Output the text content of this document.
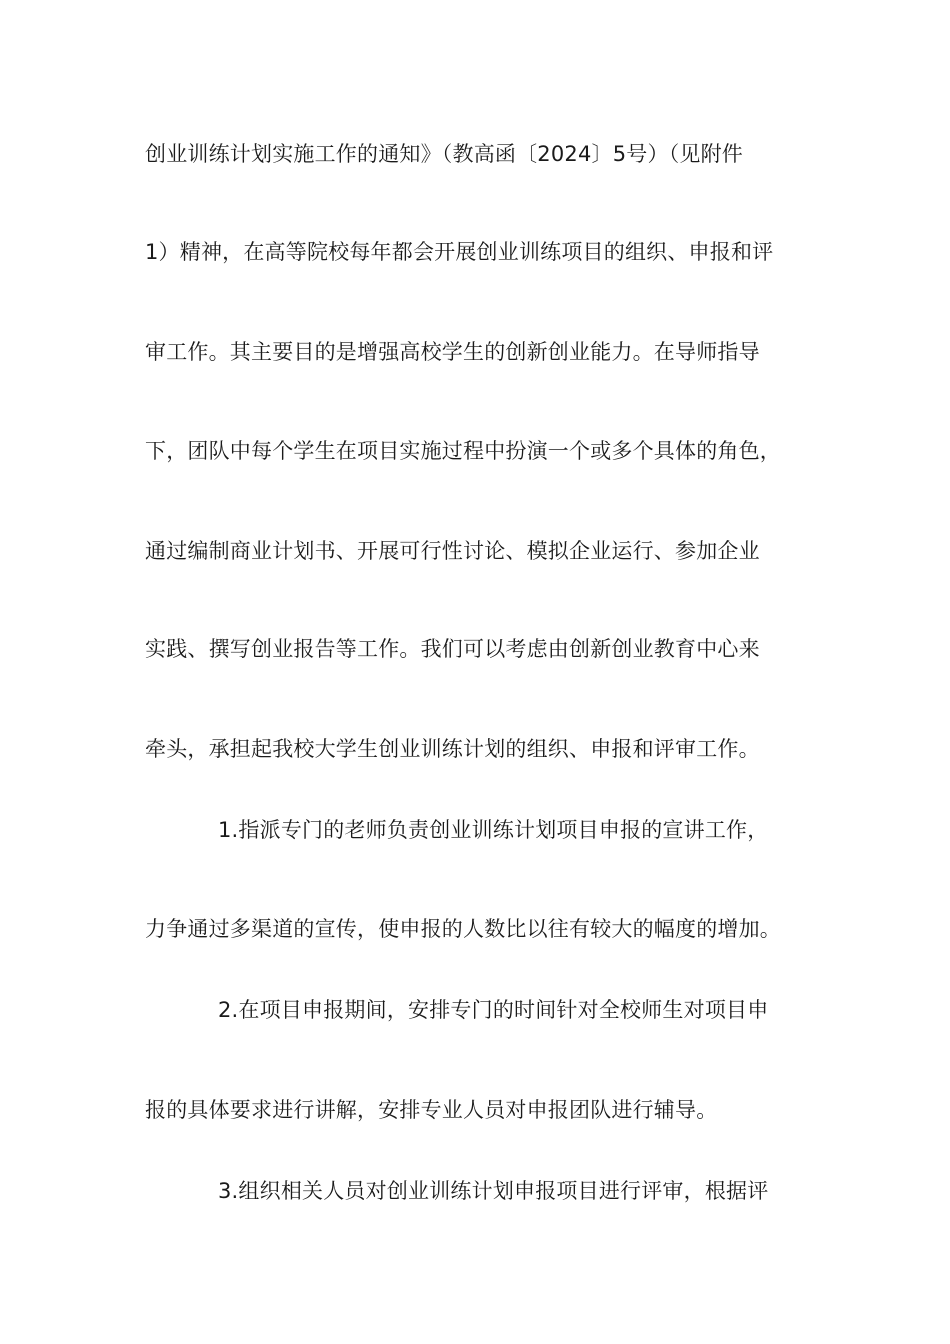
创业训练计划实施工作的通知》（教高函〔2024〕5号）（见附件
1）精神，在高等院校每年都会开展创业训练项目的组织、申报和评
审工作。其主要目的是增强高校学生的创新创业能力。在导师指导
下，团队中每个学生在项目实施过程中扮演一个或多个具体的角色，
通过编制商业计划书、开展可行性讨论、模拟企业运行、参加企业
实践、撰写创业报告等工作。我们可以考虑由创新创业教育中心来
牵头，承担起我校大学生创业训练计划的组织、申报和评审工作。
1.指派专门的老师负责创业训练计划项目申报的宣讲工作，
力争通过多渠道的宣传，使申报的人数比以往有较大的幅度的增加。
2.在项目申报期间，安排专门的时间针对全校师生对项目申
报的具体要求进行讲解，安排专业人员对申报团队进行辅导。
3.组织相关人员对创业训练计划申报项目进行评审，根据评
